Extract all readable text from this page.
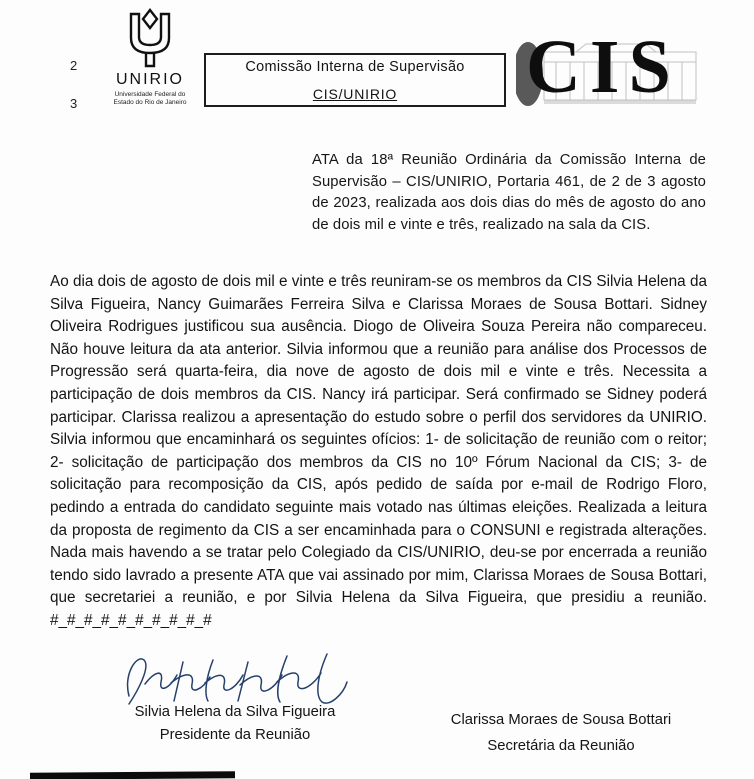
2
3
UNIRIO
Universidade Federal do Estado do Rio de Janeiro
Comissão Interna de Supervisão
CIS/UNIRIO	CIS
ATA da 18ª Reunião Ordinária da Comissão Interna de Supervisão – CIS/UNIRIO, Portaria 461, de 2 de 3 agosto de 2023, realizada aos dois dias do mês de agosto do ano de dois mil e vinte e três, realizado na sala da CIS.
Ao dia dois de agosto de dois mil e vinte e três reuniram-se os membros da CIS Silvia Helena da Silva Figueira, Nancy Guimarães Ferreira Silva e Clarissa Moraes de Sousa Bottari. Sidney Oliveira Rodrigues justificou sua ausência. Diogo de Oliveira Souza Pereira não compareceu. Não houve leitura da ata anterior. Silvia informou que a reunião para análise dos Processos de Progressão será quarta-feira, dia nove de agosto de dois mil e vinte e três. Necessita a participação de dois membros da CIS. Nancy irá participar. Será confirmado se Sidney poderá participar. Clarissa realizou a apresentação do estudo sobre o perfil dos servidores da UNIRIO. Silvia informou que encaminhará os seguintes ofícios: 1- de solicitação de reunião com o reitor; 2- solicitação de participação dos membros da CIS no 10º Fórum Nacional da CIS; 3- de solicitação para recomposição da CIS, após pedido de saída por e-mail de Rodrigo Floro, pedindo a entrada do candidato seguinte mais votado nas últimas eleições. Realizada a leitura da proposta de regimento da CIS a ser encaminhada para o CONSUNI e registrada alterações. Nada mais havendo a se tratar pelo Colegiado da CIS/UNIRIO, deu-se por encerrada a reunião tendo sido lavrado a presente ATA que vai assinado por mim, Clarissa Moraes de Sousa Bottari, que secretariei a reunião, e por Silvia Helena da Silva Figueira, que presidiu a reunião. #_#_#_#_#_#_#_#_#_#
Silvia Helena da Silva Figueira
Presidente da Reunião
Clarissa Moraes de Sousa Bottari
Secretária da Reunião
